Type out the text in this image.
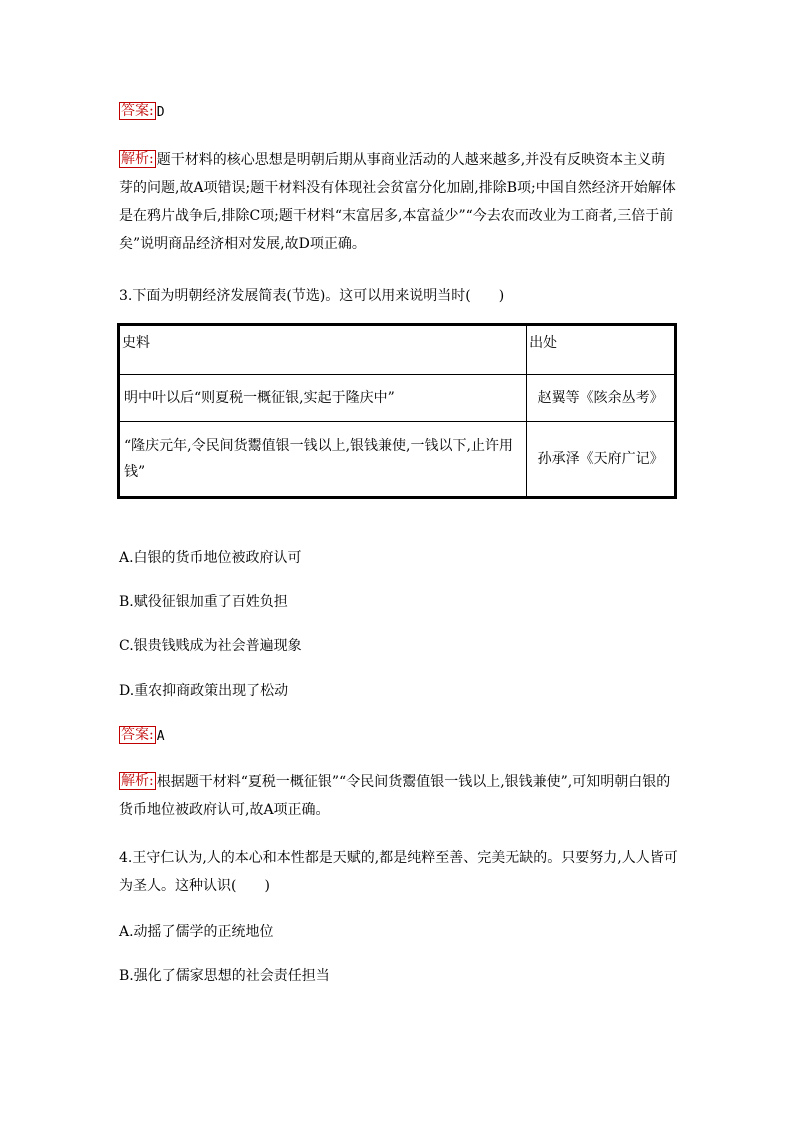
答案: D
解析: 题干材料的核心思想是明朝后期从事商业活动的人越来越多,并没有反映资本主义萌芽的问题,故A项错误;题干材料没有体现社会贫富分化加剧,排除B项;中国自然经济开始解体是在鸦片战争后,排除C项;题干材料“末富居多,本富益少”“今去农而改业为工商者,三倍于前矣”说明商品经济相对发展,故D项正确。
3.下面为明朝经济发展简表(节选)。这可以用来说明当时(　　)
史料	出处
明中叶以后“则夏税一概征银,实起于隆庆中”	赵翼等《陔余丛考》
“隆庆元年,令民间货鬻值银一钱以上,银钱兼使,一钱以下,止许用钱”	孙承泽《天府广记》
A.白银的货币地位被政府认可
B.赋役征银加重了百姓负担
C.银贵钱贱成为社会普遍现象
D.重农抑商政策出现了松动
答案: A
解析: 根据题干材料“夏税一概征银”“令民间货鬻值银一钱以上,银钱兼使”,可知明朝白银的货币地位被政府认可,故A项正确。
4.王守仁认为,人的本心和本性都是天赋的,都是纯粹至善、完美无缺的。只要努力,人人皆可为圣人。这种认识(　　)
A.动摇了儒学的正统地位
B.强化了儒家思想的社会责任担当
